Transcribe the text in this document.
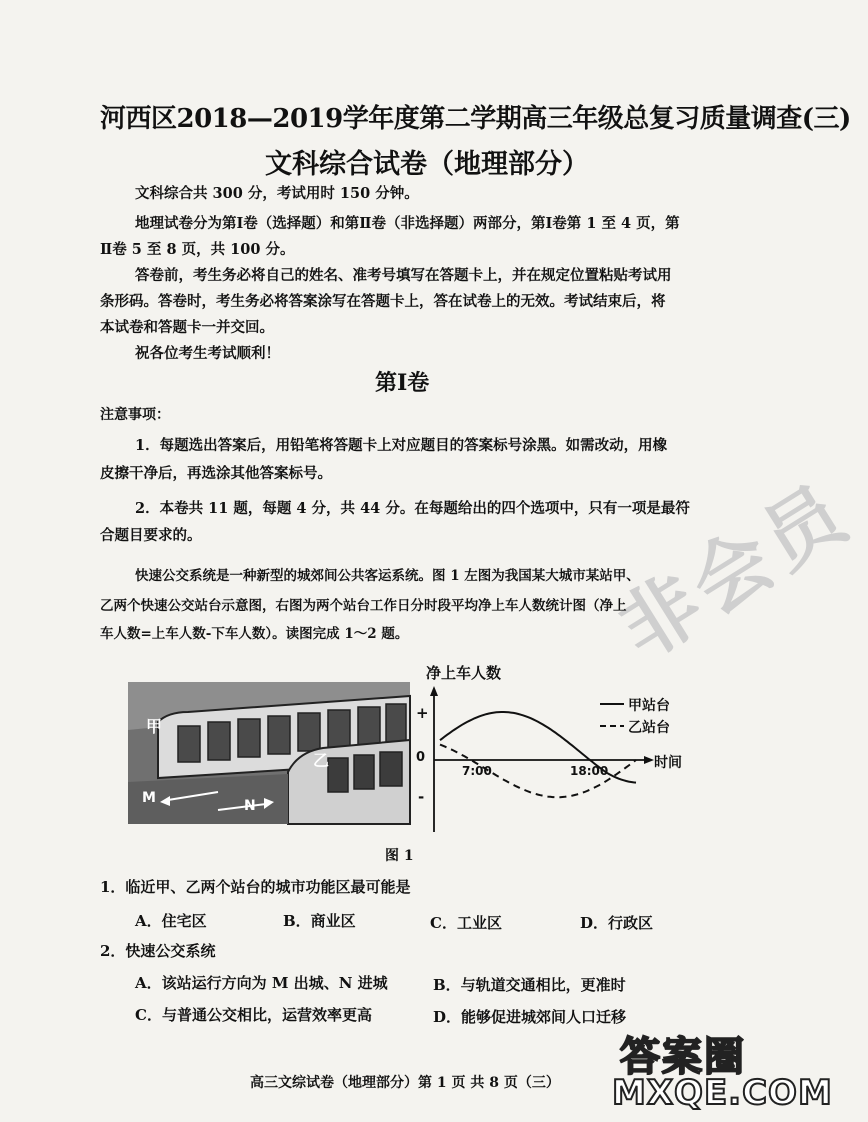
非会员
河西区2018—2019学年度第二学期高三年级总复习质量调查(三)
文科综合试卷（地理部分）
文科综合共 300 分，考试用时 150 分钟。
地理试卷分为第Ⅰ卷（选择题）和第Ⅱ卷（非选择题）两部分，第Ⅰ卷第 1 至 4 页，第
Ⅱ卷 5 至 8 页，共 100 分。
答卷前，考生务必将自己的姓名、准考号填写在答题卡上，并在规定位置粘贴考试用
条形码。答卷时，考生务必将答案涂写在答题卡上，答在试卷上的无效。考试结束后，将
本试卷和答题卡一并交回。
祝各位考生考试顺利！
第Ⅰ卷
注意事项：
1．每题选出答案后，用铅笔将答题卡上对应题目的答案标号涂黑。如需改动，用橡
皮擦干净后，再选涂其他答案标号。
2．本卷共 11 题，每题 4 分，共 44 分。在每题给出的四个选项中，只有一项是最符
合题目要求的。
快速公交系统是一种新型的城郊间公共客运系统。图 1 左图为我国某大城市某站甲、
乙两个快速公交站台示意图，右图为两个站台工作日分时段平均净上车人数统计图（净上
车人数=上车人数-下车人数）。读图完成 1～2 题。
甲
乙
M	N
净上车人数
+
0
-
7:00	18:00	时间
甲站台
乙站台
图 1
1．临近甲、乙两个站台的城市功能区最可能是
A．住宅区	B．商业区	C．工业区	D．行政区
2．快速公交系统
A．该站运行方向为 M 出城、N 进城	B．与轨道交通相比，更准时
C．与普通公交相比，运营效率更高	D．能够促进城郊间人口迁移
高三文综试卷（地理部分）第 1 页 共 8 页（三）
答案圈
MXQE.COM
